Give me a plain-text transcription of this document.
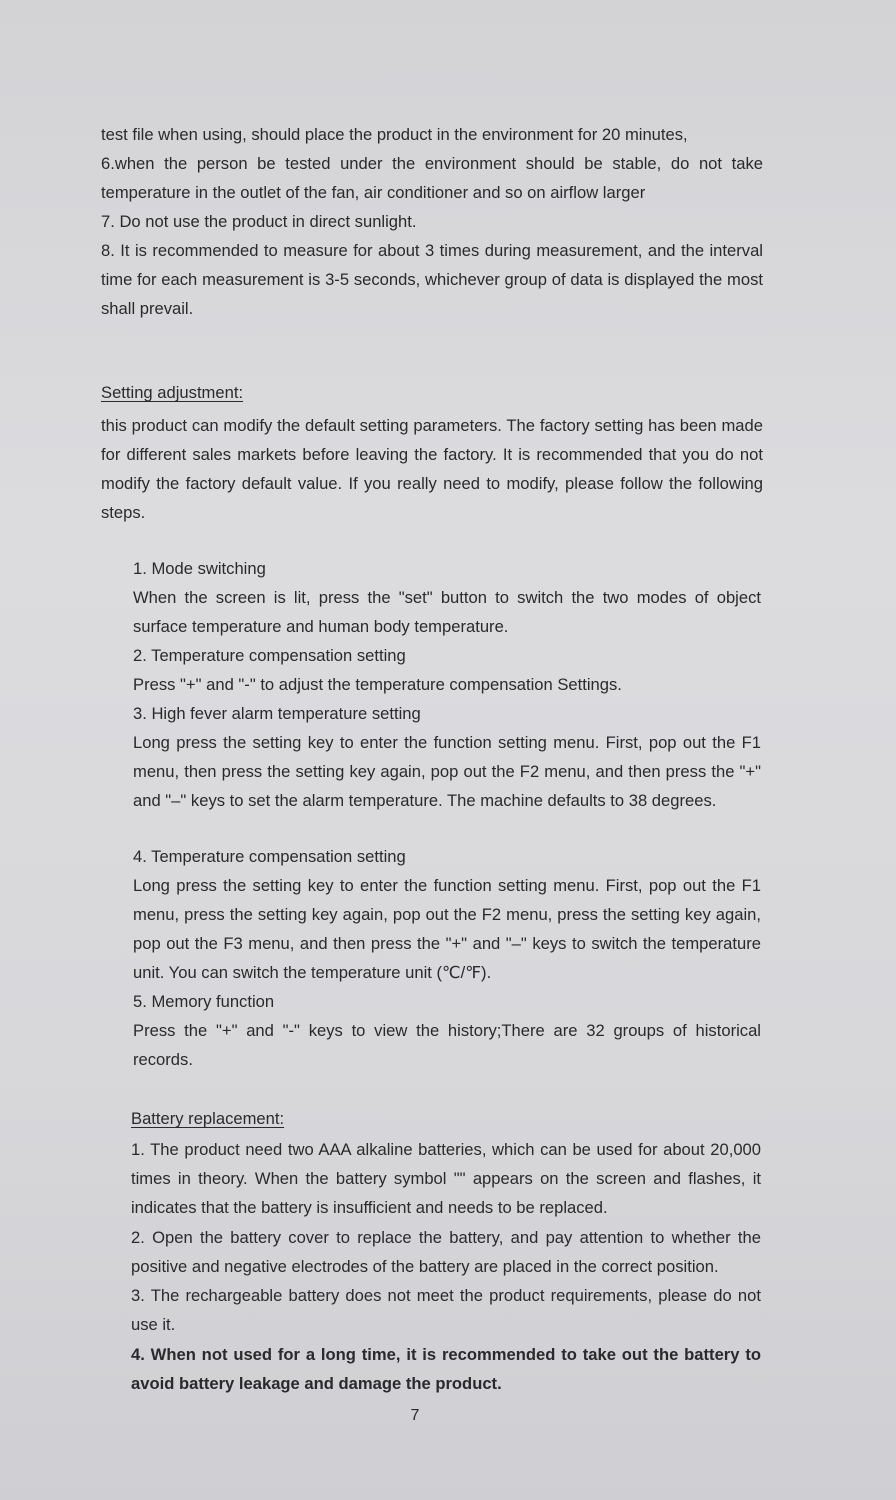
test file when using, should place the product in the environment for 20 minutes,

6.when the person be tested under the environment should be stable, do not take temperature in the outlet of the fan, air conditioner and so on airflow larger

7. Do not use the product in direct sunlight.

8. It is recommended to measure for about 3 times during measurement, and the interval time for each measurement is 3-5 seconds, whichever group of data is displayed the most shall prevail.

Setting adjustment:

this product can modify the default setting parameters. The factory setting has been made for different sales markets before leaving the factory. It is recommended that you do not modify the factory default value. If you really need to modify, please follow the following steps.

1. Mode switching

When the screen is lit, press the "set" button to switch the two modes of object surface temperature and human body temperature.

2. Temperature compensation setting

Press "+" and "-" to adjust the temperature compensation Settings.

3. High fever alarm temperature setting

Long press the setting key to enter the function setting menu. First, pop out the F1 menu, then press the setting key again, pop out the F2 menu, and then press the "+" and "–" keys to set the alarm temperature. The machine defaults to 38 degrees.

4. Temperature compensation setting

Long press the setting key to enter the function setting menu. First, pop out the F1 menu, press the setting key again, pop out the F2 menu, press the setting key again, pop out the F3 menu, and then press the "+" and "–" keys to switch the temperature unit. You can switch the temperature unit (℃/℉).

5. Memory function

Press the "+" and "-" keys to view the history;There are 32 groups of historical records.

Battery replacement:

1. The product need two AAA alkaline batteries, which can be used for about 20,000 times in theory. When the battery symbol "" appears on the screen and flashes, it indicates that the battery is insufficient and needs to be replaced.

2. Open the battery cover to replace the battery, and pay attention to whether the positive and negative electrodes of the battery are placed in the correct position.

3. The rechargeable battery does not meet the product requirements, please do not use it.

4. When not used for a long time, it is recommended to take out the battery to avoid battery leakage and damage the product.

7
